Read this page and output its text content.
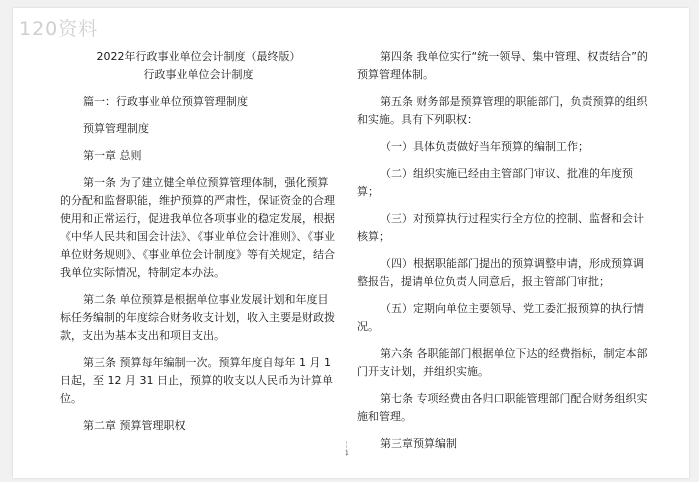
120资料
2022年行政事业单位会计制度（最终版）
行政事业单位会计制度
篇一：行政事业单位预算管理制度
预算管理制度
第一章 总则
第一条 为了建立健全单位预算管理体制，强化预算的分配和监督职能，维护预算的严肃性，保证资金的合理使用和正常运行，促进我单位各项事业的稳定发展，根据《中华人民共和国会计法》、《事业单位会计准则》、《事业单位财务规则》、《事业单位会计制度》等有关规定，结合我单位实际情况，特制定本办法。
第二条 单位预算是根据单位事业发展计划和年度目标任务编制的年度综合财务收支计划，收入主要是财政拨款，支出为基本支出和项目支出。
第三条 预算每年编制一次。预算年度自每年 1 月 1 日起，至 12 月 31 日止，预算的收支以人民币为计算单位。
第二章 预算管理职权
第四条 我单位实行“统一领导、集中管理、权责结合”的预算管理体制。
第五条 财务部是预算管理的职能部门，负责预算的组织和实施。具有下列职权：
（一）具体负责做好当年预算的编制工作；
（二）组织实施已经由主管部门审议、批准的年度预算；
（三）对预算执行过程实行全方位的控制、监督和会计核算；
（四）根据职能部门提出的预算调整申请，形成预算调整报告，提请单位负责人同意后，报主管部门审批；
（五）定期向单位主要领导、党工委汇报预算的执行情况。
第六条 各职能部门根据单位下达的经费指标，制定本部门开支计划，并组织实施。
第七条 专项经费由各归口职能管理部门配合财务组织实施和管理。
第三章预算编制
1
